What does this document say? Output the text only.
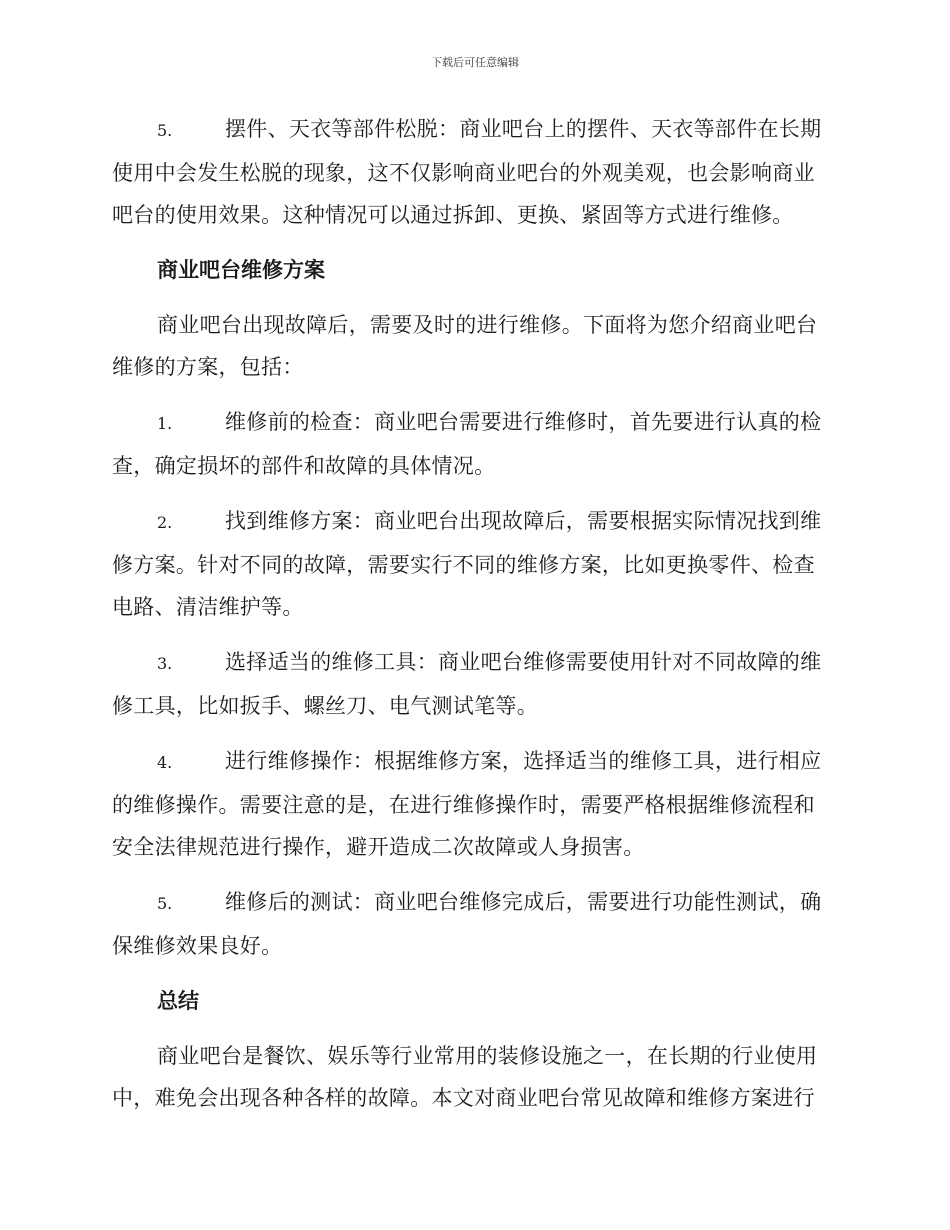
下载后可任意编辑

5.	摆件、天衣等部件松脱：商业吧台上的摆件、天衣等部件在长期使用中会发生松脱的现象，这不仅影响商业吧台的外观美观，也会影响商业吧台的使用效果。这种情况可以通过拆卸、更换、紧固等方式进行维修。

商业吧台维修方案

商业吧台出现故障后，需要及时的进行维修。下面将为您介绍商业吧台维修的方案，包括：

1.	维修前的检查：商业吧台需要进行维修时，首先要进行认真的检查，确定损坏的部件和故障的具体情况。

2.	找到维修方案：商业吧台出现故障后，需要根据实际情况找到维修方案。针对不同的故障，需要实行不同的维修方案，比如更换零件、检查电路、清洁维护等。

3.	选择适当的维修工具：商业吧台维修需要使用针对不同故障的维修工具，比如扳手、螺丝刀、电气测试笔等。

4.	进行维修操作：根据维修方案，选择适当的维修工具，进行相应的维修操作。需要注意的是，在进行维修操作时，需要严格根据维修流程和安全法律规范进行操作，避开造成二次故障或人身损害。

5.	维修后的测试：商业吧台维修完成后，需要进行功能性测试，确保维修效果良好。

总结

商业吧台是餐饮、娱乐等行业常用的装修设施之一，在长期的行业使用中，难免会出现各种各样的故障。本文对商业吧台常见故障和维修方案进行
